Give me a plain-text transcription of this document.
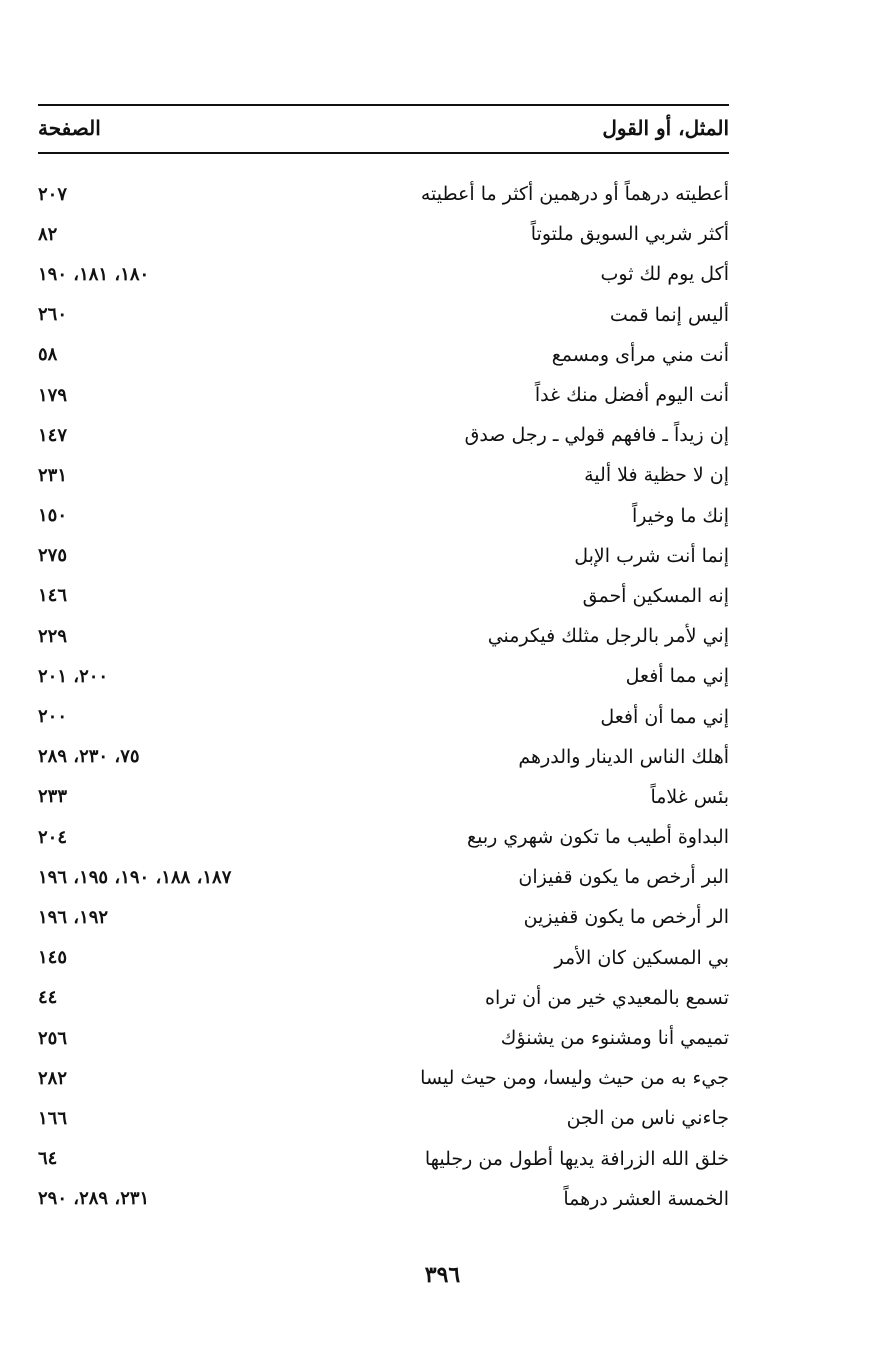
الصفحة	المثل، أو القول
٢٠٧	أعطيته درهماً أو درهمين أكثر ما أعطيته
٨٢	أكثر شربي السويق ملتوتاً
١٨٠، ١٨١، ١٩٠	أكل يوم لك ثوب
٢٦٠	أليس إنما قمت
٥٨	أنت مني مرأى ومسمع
١٧٩	أنت اليوم أفضل منك غداً
١٤٧	إن زيداً ـ فافهم قولي ـ رجل صدق
٢٣١	إن لا حظية فلا ألية
١٥٠	إنك ما وخيراً
٢٧٥	إنما أنت شرب الإبل
١٤٦	إنه المسكين أحمق
٢٢٩	إني لأمر بالرجل مثلك فيكرمني
٢٠٠، ٢٠١	إني مما أفعل
٢٠٠	إني مما أن أفعل
٧٥، ٢٣٠، ٢٨٩	أهلك الناس الدينار والدرهم
٢٣٣	بئس غلاماً
٢٠٤	البداوة أطيب ما تكون شهري ربيع
١٨٧، ١٨٨، ١٩٠، ١٩٥، ١٩٦	البر أرخص ما يكون قفيزان
١٩٢، ١٩٦	الر أرخص ما يكون قفيزين
١٤٥	بي المسكين كان الأمر
٤٤	تسمع بالمعيدي خير من أن تراه
٢٥٦	تميمي أنا ومشنوء من يشنؤك
٢٨٢	جيء به من حيث وليسا، ومن حيث ليسا
١٦٦	جاءني ناس من الجن
٦٤	خلق الله الزرافة يديها أطول من رجليها
٢٣١، ٢٨٩، ٢٩٠	الخمسة العشر درهماً
٣٩٦
